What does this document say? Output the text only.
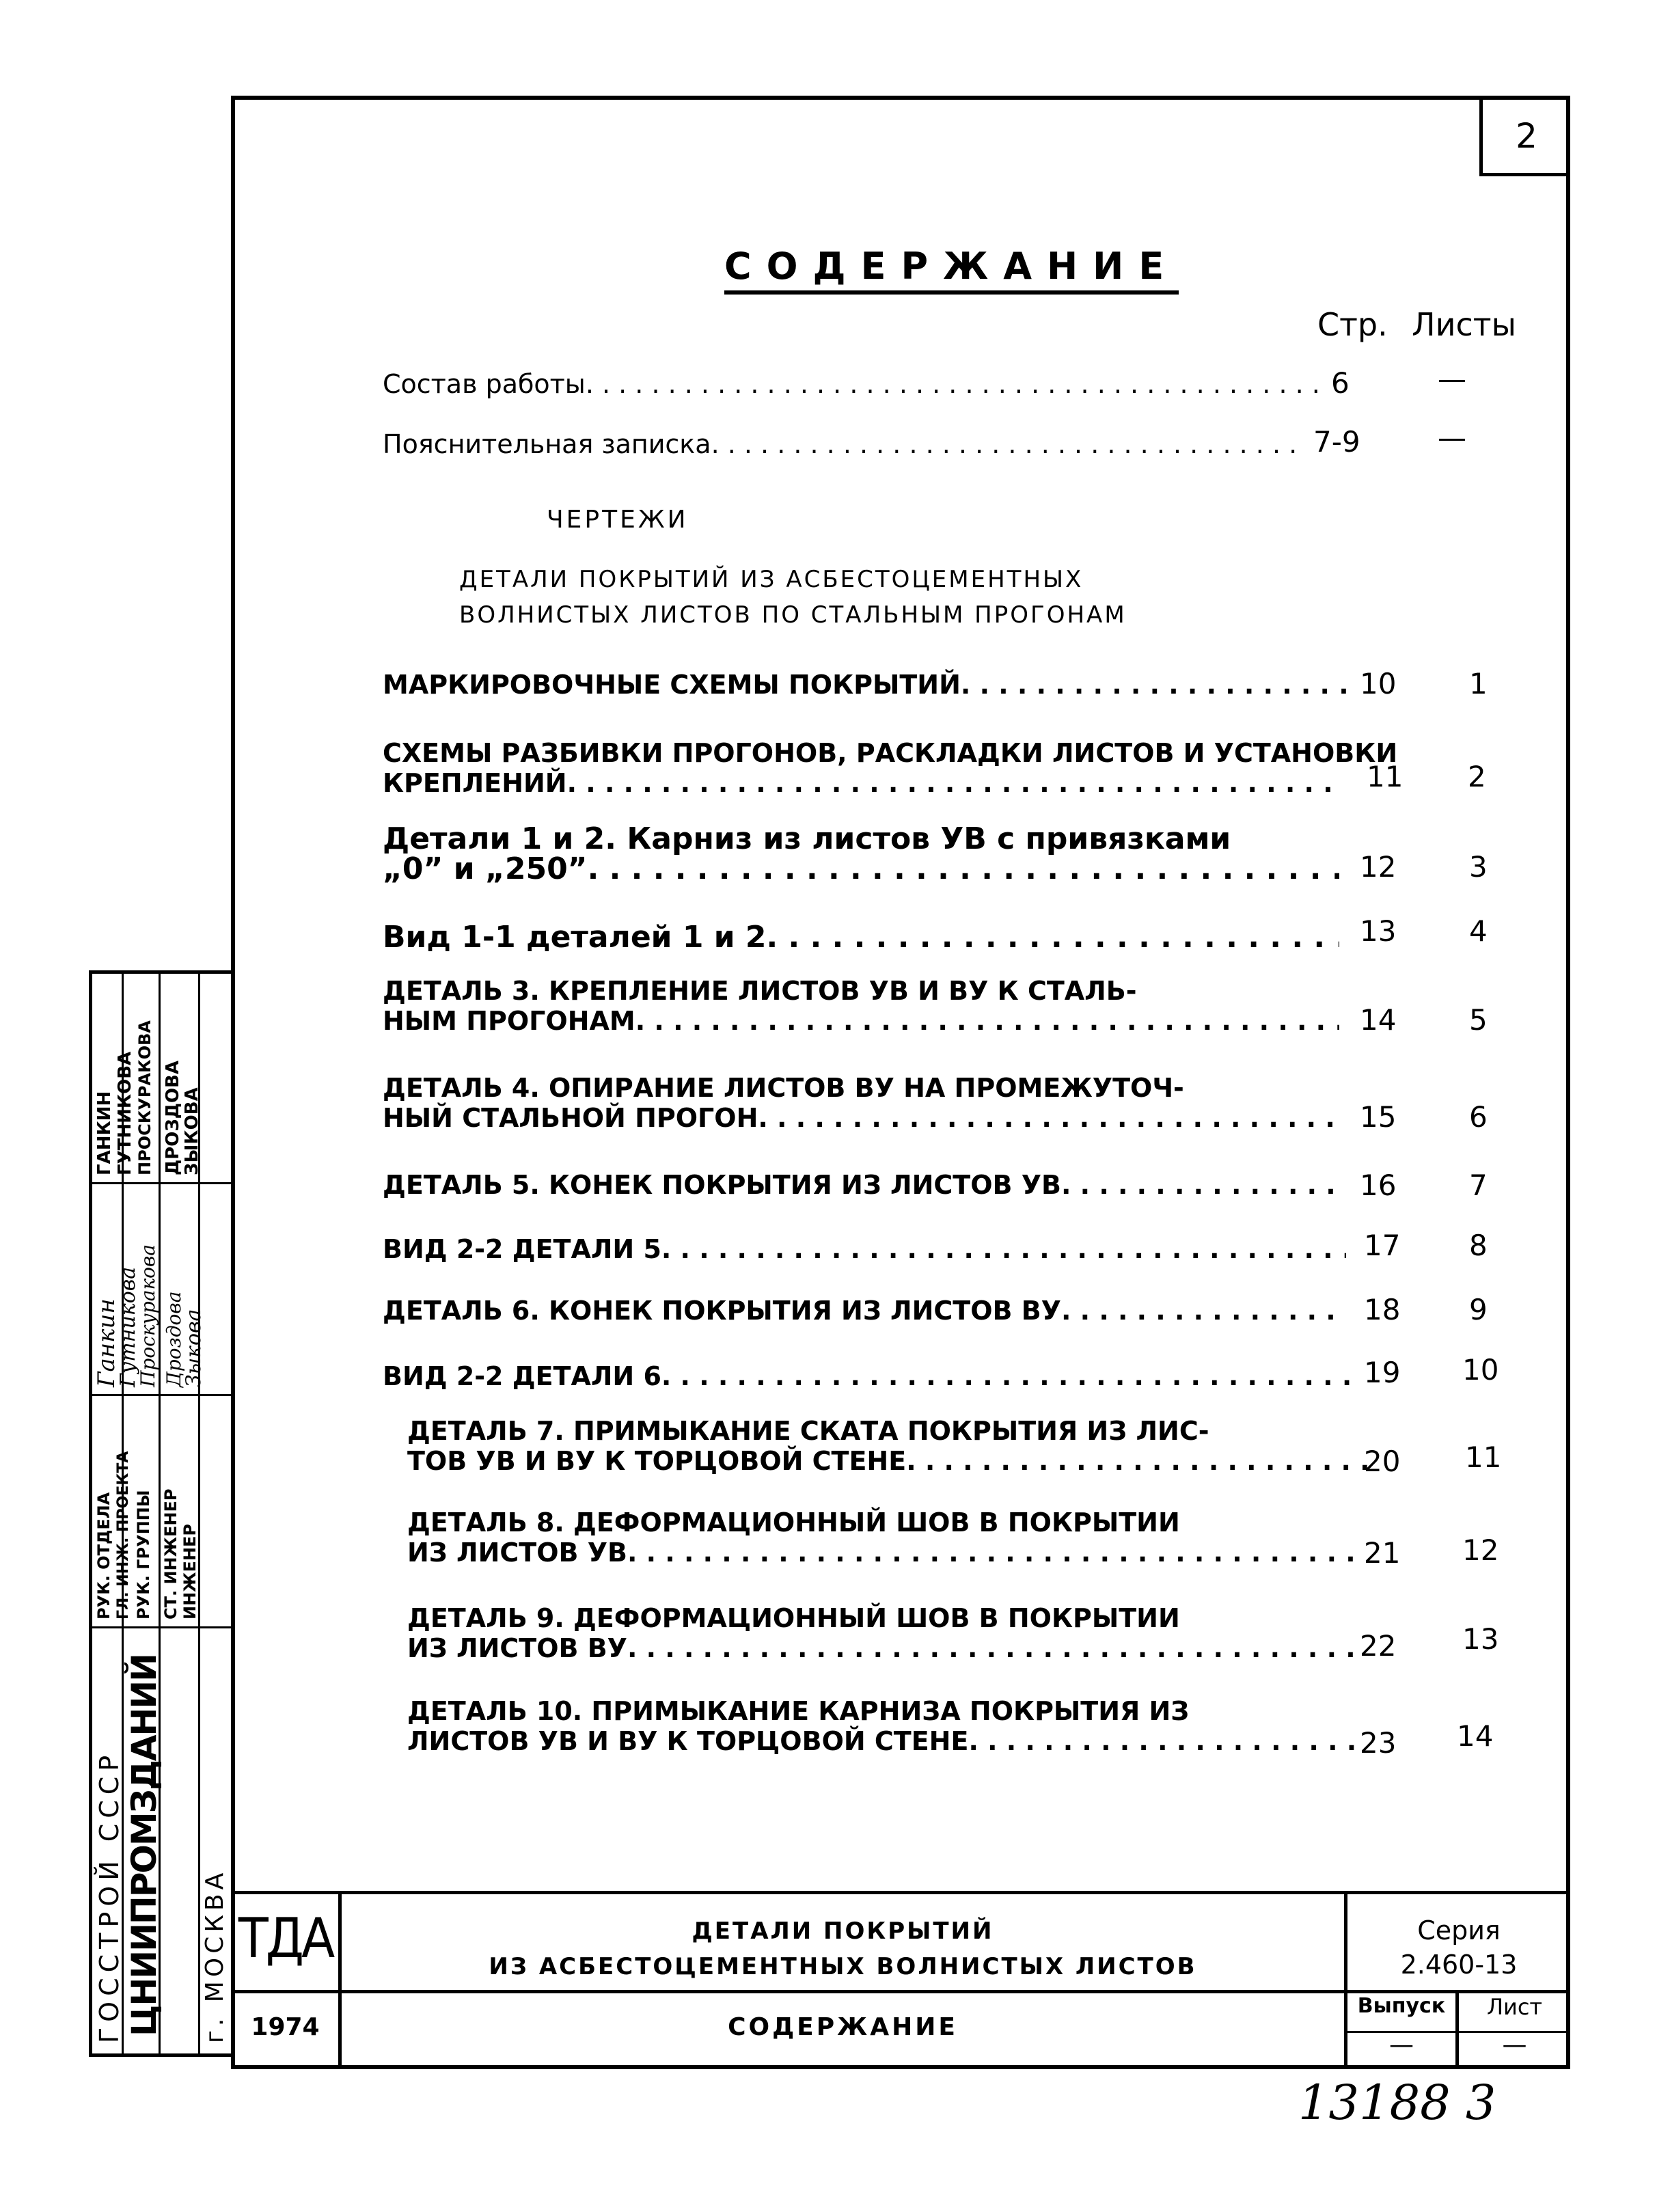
2
СОДЕРЖАНИЕ
Стр. Листы
Состав работы . . .	6	—
Пояснительная записка . . .	7-9	—
ЧЕРТЕЖИ
ДЕТАЛИ ПОКРЫТИЙ ИЗ АСБЕСТОЦЕМЕНТНЫХ
ВОЛНИСТЫХ ЛИСТОВ ПО СТАЛЬНЫМ ПРОГОНАМ
МАРКИРОВОЧНЫЕ СХЕМЫ ПОКРЫТИЙ . . .	10	1
СХЕМЫ РАЗБИВКИ ПРОГОНОВ, РАСКЛАДКИ ЛИСТОВ И УСТАНОВКИ
КРЕПЛЕНИЙ . . .	11 2
Детали 1 и 2. Карниз из листов УВ с привязками
„0” и „250” . . .	12	3
Вид 1-1 деталей 1 и 2 . . .	13	4
ДЕТАЛЬ 3. КРЕПЛЕНИЕ ЛИСТОВ УВ И ВУ К СТАЛЬ-
НЫМ ПРОГОНАМ . . .	14	5
ДЕТАЛЬ 4. ОПИРАНИЕ ЛИСТОВ ВУ НА ПРОМЕЖУТОЧ-
НЫЙ СТАЛЬНОЙ ПРОГОН . . .	15	6
ДЕТАЛЬ 5. КОНЕК ПОКРЫТИЯ ИЗ ЛИСТОВ УВ . . .	16	7
ВИД 2-2 ДЕТАЛИ 5 . . .	17 8
ДЕТАЛЬ 6. КОНЕК ПОКРЫТИЯ ИЗ ЛИСТОВ ВУ . . .	18 9
ВИД 2-2 ДЕТАЛИ 6 . . .	19 10
ДЕТАЛЬ 7. ПРИМЫКАНИЕ СКАТА ПОКРЫТИЯ ИЗ ЛИС-
ТОВ УВ И ВУ К ТОРЦОВОЙ СТЕНЕ . . .	20 11
ДЕТАЛЬ 8. ДЕФОРМАЦИОННЫЙ ШОВ В ПОКРЫТИИ
ИЗ ЛИСТОВ УВ . . .	21 12
ДЕТАЛЬ 9. ДЕФОРМАЦИОННЫЙ ШОВ В ПОКРЫТИИ
ИЗ ЛИСТОВ ВУ . . .	22 13
ДЕТАЛЬ 10. ПРИМЫКАНИЕ КАРНИЗА ПОКРЫТИЯ ИЗ
ЛИСТОВ УВ И ВУ К ТОРЦОВОЙ СТЕНЕ . . .	23 14
ТДА
1974
ДЕТАЛИ ПОКРЫТИЙ
ИЗ АСБЕСТОЦЕМЕНТНЫХ ВОЛНИСТЫХ ЛИСТОВ
СОДЕРЖАНИЕ
Серия
2.460-13
Выпуск
—
Лист
—
ГОССТРОЙ СССР ЦНИИПРОМЗДАНИЙ г. МОСКВА
РУК. ОТДЕЛА ГЛ. ИНЖ. ПРОЕКТА РУК. ГРУППЫ СТ. ИНЖЕНЕР ИНЖЕНЕР
Ганкин
Гутникова
Проскуракова Дроздова
Зыкова
ГАНКИН ГУТНИКОВА ПРОСКУРАКОВА ДРОЗДОВА
ЗЫКОВА
13188 3
